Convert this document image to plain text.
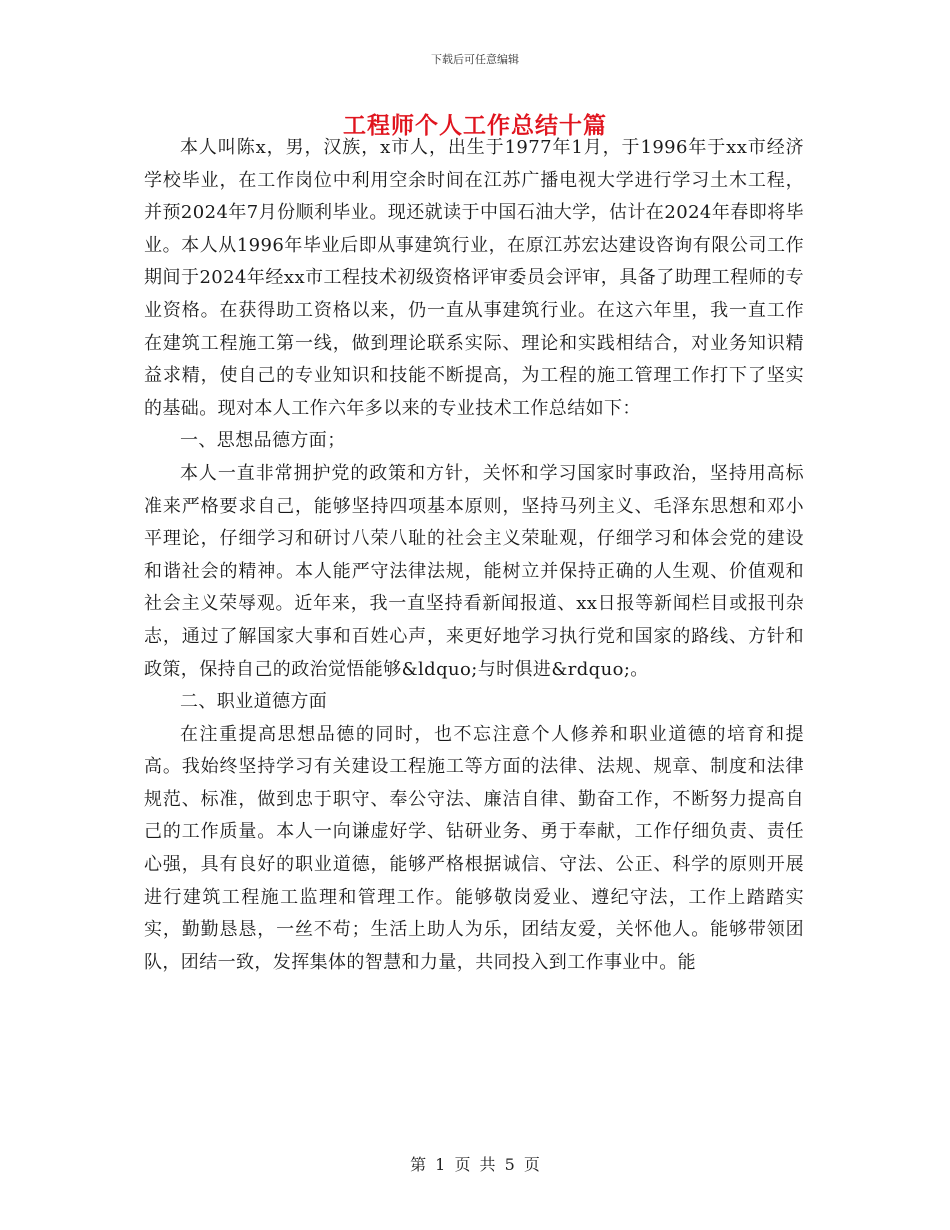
下载后可任意编辑
工程师个人工作总结十篇

本人叫陈x，男，汉族，x市人，出生于1977年1月，于1996年于xx市经济学校毕业，在工作岗位中利用空余时间在江苏广播电视大学进行学习土木工程，并预2024年7月份顺利毕业。现还就读于中国石油大学，估计在2024年春即将毕业。本人从1996年毕业后即从事建筑行业，在原江苏宏达建设咨询有限公司工作期间于2024年经xx市工程技术初级资格评审委员会评审，具备了助理工程师的专业资格。在获得助工资格以来，仍一直从事建筑行业。在这六年里，我一直工作在建筑工程施工第一线，做到理论联系实际、理论和实践相结合，对业务知识精益求精，使自己的专业知识和技能不断提高，为工程的施工管理工作打下了坚实的基础。现对本人工作六年多以来的专业技术工作总结如下：

一、思想品德方面；

本人一直非常拥护党的政策和方针，关怀和学习国家时事政治，坚持用高标准来严格要求自己，能够坚持四项基本原则，坚持马列主义、毛泽东思想和邓小平理论，仔细学习和研讨八荣八耻的社会主义荣耻观，仔细学习和体会党的建设和谐社会的精神。本人能严守法律法规，能树立并保持正确的人生观、价值观和社会主义荣辱观。近年来，我一直坚持看新闻报道、xx日报等新闻栏目或报刊杂志，通过了解国家大事和百姓心声，来更好地学习执行党和国家的路线、方针和政策，保持自己的政治觉悟能够&ldquo;与时俱进&rdquo;。

二、职业道德方面

在注重提高思想品德的同时，也不忘注意个人修养和职业道德的培育和提高。我始终坚持学习有关建设工程施工等方面的法律、法规、规章、制度和法律规范、标准，做到忠于职守、奉公守法、廉洁自律、勤奋工作，不断努力提高自己的工作质量。本人一向谦虚好学、钻研业务、勇于奉献，工作仔细负责、责任心强，具有良好的职业道德，能够严格根据诚信、守法、公正、科学的原则开展进行建筑工程施工监理和管理工作。能够敬岗爱业、遵纪守法，工作上踏踏实实，勤勤恳恳，一丝不苟；生活上助人为乐，团结友爱，关怀他人。能够带领团队，团结一致，发挥集体的智慧和力量，共同投入到工作事业中。能

第 1 页 共 5 页
